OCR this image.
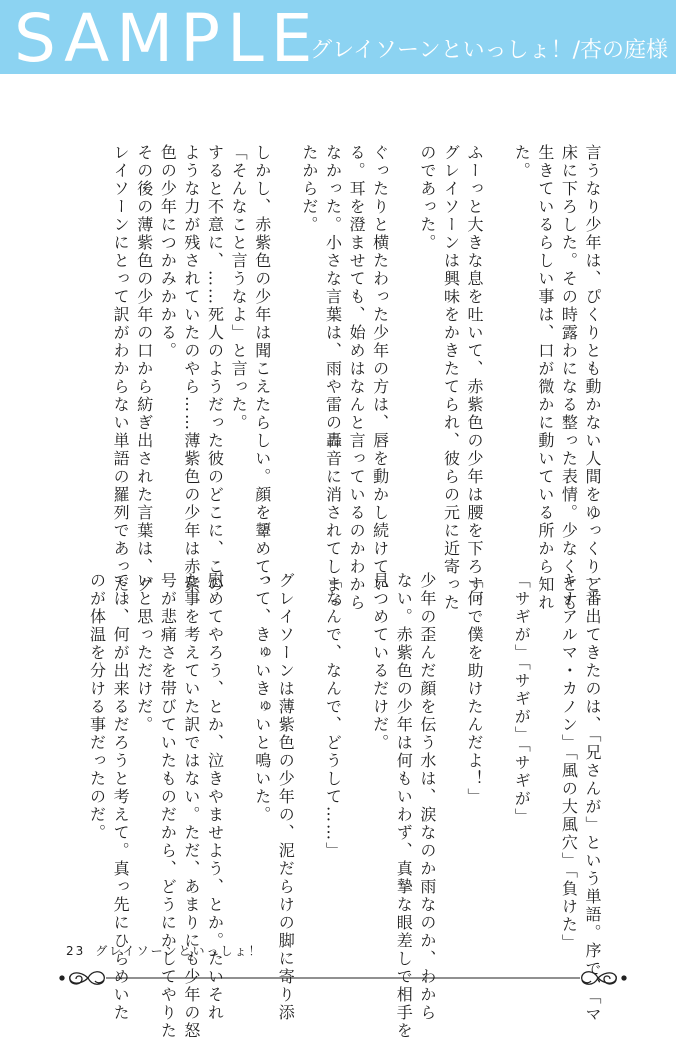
SAMPLE
グレイソーンといっしょ！/杏の庭様

言うなり少年は、ぴくりとも動かない人間をゆっくりと

床に下ろした。その時露わになる整った表情。少なくとも

生きているらしい事は、口が微かに動いている所から知れ

た。

ふーっと大きな息を吐いて、赤紫色の少年は腰を下ろす。

グレイソーンは興味をかきたてられ、彼らの元に近寄った

のであった。

ぐったりと横たわった少年の方は、唇を動かし続けてい

る。耳を澄ませても、始めはなんと言っているのかわから

なかった。小さな言葉は、雨や雷の轟音に消されてしまっ

たからだ。

しかし、赤紫色の少年は聞こえたらしい。顔を顰めて、

「そんなこと言うなよ」と言った。

すると不意に、……死人のようだった彼のどこに、この

ような力が残されていたのやら……薄紫色の少年は赤紫

色の少年につかみかかる。

その後の薄紫色の少年の口から紡ぎ出された言葉は、グ

レイソーンにとって訳がわからない単語の羅列であった。

一番出てきたのは、「兄さんが」という単語。序で、「マ

キナアルマ・カノン」「風の大風穴」「負けた」

「サギが」「サギが」「サギが」

「何で僕を助けたんだよ！」

少年の歪んだ顔を伝う水は、涙なのか雨なのか、わから

ない。赤紫色の少年は何もいわず、真摯な眼差しで相手を

見つめているだけだ。

「なんで、なんで、どうして……」

グレイソーンは薄紫色の少年の、泥だらけの脚に寄り添

って、きゅいきゅいと鳴いた。

慰めてやろう、とか、泣きやませよう、とか。たいそれ

た事を考えていた訳ではない。ただ、あまりにも少年の怒

号が悲痛さを帯びていたものだから、どうにかしてやりた

いと思っただけだ。

では、何が出来るだろうと考えて。真っ先にひらめいた

のが体温を分ける事だったのだ。

23 グレイソーンといっしょ！
